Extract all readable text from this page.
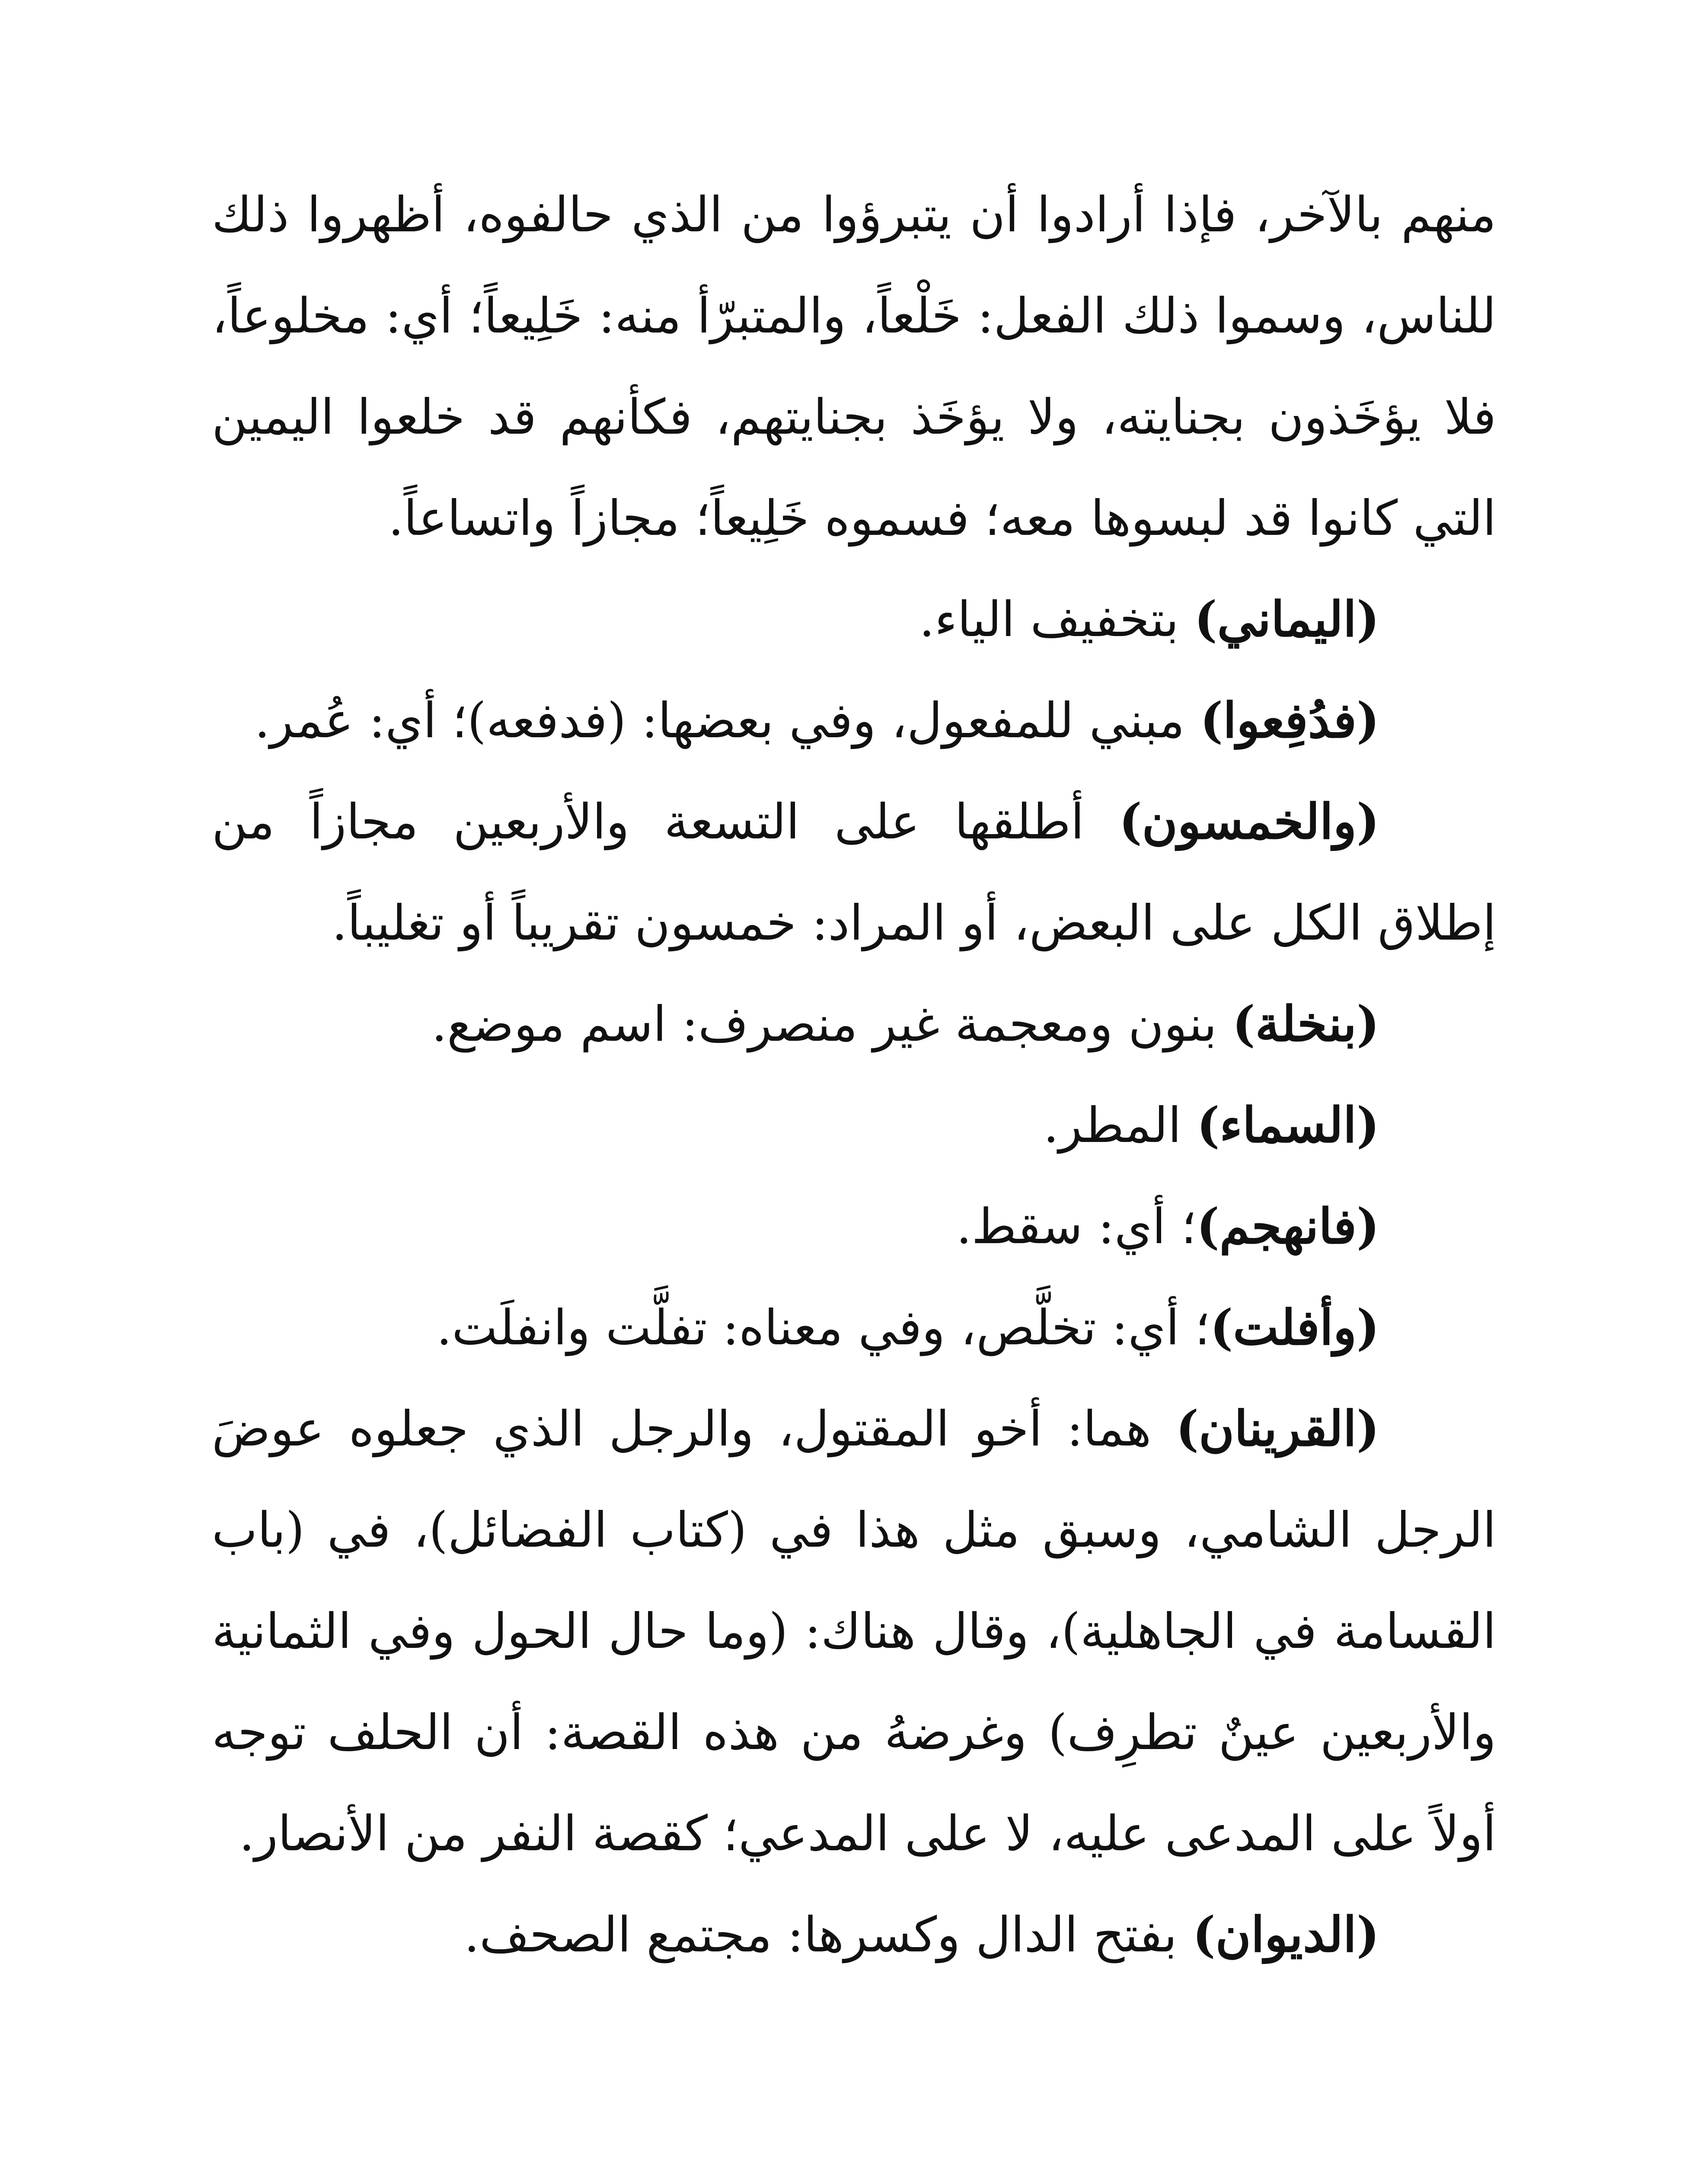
منهم بالآخر، فإذا أرادوا أن يتبرؤوا من الذي حالفوه، أظهروا ذلك للناس، وسموا ذلك الفعل: خَلْعاً، والمتبرّأ منه: خَلِيعاً؛ أي: مخلوعاً، فلا يؤخَذون بجنايته، ولا يؤخَذ بجنايتهم، فكأنهم قد خلعوا اليمين التي كانوا قد لبسوها معه؛ فسموه خَلِيعاً؛ مجازاً واتساعاً.

(اليماني) بتخفيف الياء.

(فدُفِعوا) مبني للمفعول، وفي بعضها: (فدفعه)؛ أي: عُمر.

(والخمسون) أطلقها على التسعة والأربعين مجازاً من إطلاق الكل على البعض، أو المراد: خمسون تقريباً أو تغليباً.

(بنخلة) بنون ومعجمة غير منصرف: اسم موضع.

(السماء) المطر.

(فانهجم)؛ أي: سقط.

(وأفلت)؛ أي: تخلَّص، وفي معناه: تفلَّت وانفلَت.

(القرينان) هما: أخو المقتول، والرجل الذي جعلوه عوضَ الرجل الشامي، وسبق مثل هذا في (كتاب الفضائل)، في (باب القسامة في الجاهلية)، وقال هناك: (وما حال الحول وفي الثمانية والأربعين عينٌ تطرِف) وغرضهُ من هذه القصة: أن الحلف توجه أولاً على المدعى عليه، لا على المدعي؛ كقصة النفر من الأنصار.

(الديوان) بفتح الدال وكسرها: مجتمع الصحف.
